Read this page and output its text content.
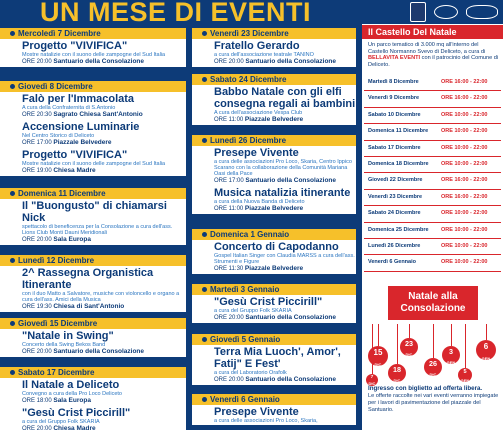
UN MESE DI EVENTI
Mercoledì 7 Dicembre
Progetto "VIVIFICA"
Mostre natalizie con il suono delle zampogne del Sud Italia
ORE 20:00 Santuario della Consolazione
Giovedì 8 Dicembre
Falò per l'Immacolata
A cura della Confraternita di S.Antonio
ORE 20:30 Sagrato Chiesa Sant'Antonio
Accensione Luminarie
Nel Centro Storico di Deliceto
ORE 17:00 Piazzale Belvedere
Progetto "VIVIFICA"
Mostre natalizie con il suono delle zampogne del Sud Italia
ORE 19:00 Chiesa Madre
Domenica 11 Dicembre
Il "Buongusto" di chiamarsi Nick
spettacolo di beneficenza per la Consolazione a cura dell'ass. Lions Club Monti Dauni Meridionali
ORE 20:00 Sala Europa
Lunedì 12 Dicembre
2^ Rassegna Organistica Itinerante
con il duo Matto a Salvatore, musiche con violoncello e organo a cura dell'ass. Amici della Musica
ORE 19:30 Chiesa di Sant'Antonio
Giovedì 15 Dicembre
"Natale in Swing"
Concerto della Swing Bekos Band
ORE 20:00 Santuario della Consolazione
Sabato 17 Dicembre
Il Natale a Deliceto
Convegno a cura della Pro Loco Deliceto
ORE 18:00 Sala Europa
"Gesù Crist Piccirill"
a cura del Gruppo Folk SKARIA
ORE 20:00 Chiesa Madre
Venerdì 23 Dicembre
Fratello Gerardo
a cura dell'associazione teatrale TANINO
ORE 20:00 Santuario della Consolazione
Sabato 24 Dicembre
Babbo Natale con gli elfi consegna regali ai bambini
A cura dell'associazione Vespa Club
ORE 11:00 Piazzale Belvedere
Lunedì 26 Dicembre
Presepe Vivente
a cura delle associazioni Pro Loco, Skaria, Centro Ippico Scarano con la collaborazione della Comunità Mariana Oasi della Pace
ORE 17:00 Santuario della Consolazione
Musica natalizia itinerante
a cura della Nuova Banda di Deliceto
ORE 11:00 Piazzale Belvedere
Domenica 1 Gennaio
Concerto di Capodanno
Gospel Italian Singer con Claudia MARSS a cura dell'ass. Strumenti e Figure
ORE 11:30 Piazzale Belvedere
Martedì 3 Gennaio
"Gesù Crist Piccirill"
a cura del Gruppo Folk SKARIA
ORE 20:00 Santuario della Consolazione
Giovedì 5 Gennaio
Terra Mia Luoch', Amor', Fatij" E Fest'
a cura del Laboratorio Orafolk
ORE 20:00 Santuario della Consolazione
Venerdì 6 Gennaio
Presepe Vivente
a cura delle associazioni Pro Loco, Skaria,
Il Castello Del Natale
Un parco tematico di 3.000 mq all'interno del Castello Normanno Svevo di Deliceto, a cura di BELLAVITA EVENTI con il patrocinio del Comune di Deliceto.
Martedì 8 Dicembre	ORE 16:00 - 22:00
Venerdì 9 Dicembre	ORE 16:00 - 22:00
Sabato 10 Dicembre	ORE 10:00 - 22:00
Domenica 11 Dicembre ORE 10:00 - 22:00
Sabato 17 Dicembre	ORE 10:00 - 22:00
Domenica 18 Dicembre ORE 10:00 - 22:00
Giovedì 22 Dicembre	ORE 16:00 - 22:00
Venerdì 23 Dicembre	ORE 16:00 - 22:00
Sabato 24 Dicembre	ORE 10:00 - 22:00
Domenica 25 Dicembre ORE 10:00 - 22:00
Lunedì 26 Dicembre	ORE 10:00 - 22:00
Venerdì 6 Gennaio	ORE 10:00 - 22:00
Natale alla Consolazione
15
DIC
23
DIC	3
GEN
6
GEN
18
DIC
26
DIC
7
DIC
5
GEN
Ingresso con biglietto ad offerta libera.
Le offerte raccolte nei vari eventi verranno impiegate per i lavori di pavimentazione del piazzale del Santuario.
